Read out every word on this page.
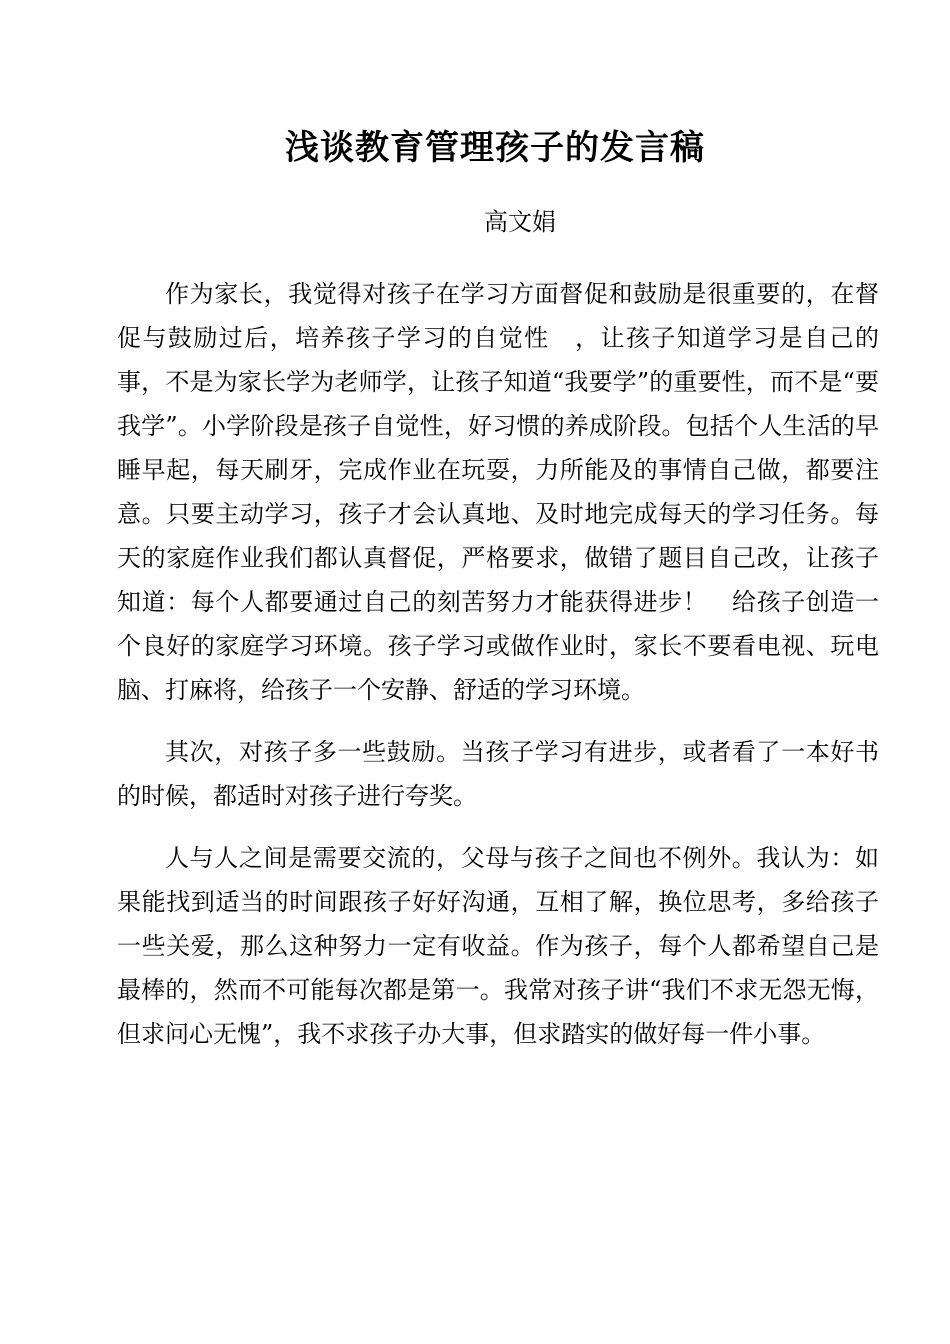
浅谈教育管理孩子的发言稿

高文娟

作为家长，我觉得对孩子在学习方面督促和鼓励是很重要的，在督促与鼓励过后，培养孩子学习的自觉性　，让孩子知道学习是自己的事，不是为家长学为老师学，让孩子知道“我要学”的重要性，而不是“要我学”。小学阶段是孩子自觉性，好习惯的养成阶段。包括个人生活的早睡早起，每天刷牙，完成作业在玩耍，力所能及的事情自己做，都要注意。只要主动学习，孩子才会认真地、及时地完成每天的学习任务。每天的家庭作业我们都认真督促，严格要求，做错了题目自己改，让孩子知道：每个人都要通过自己的刻苦努力才能获得进步！　给孩子创造一个良好的家庭学习环境。孩子学习或做作业时，家长不要看电视、玩电脑、打麻将，给孩子一个安静、舒适的学习环境。

其次，对孩子多一些鼓励。当孩子学习有进步，或者看了一本好书的时候，都适时对孩子进行夸奖。

人与人之间是需要交流的，父母与孩子之间也不例外。我认为：如果能找到适当的时间跟孩子好好沟通，互相了解，换位思考，多给孩子一些关爱，那么这种努力一定有收益。作为孩子，每个人都希望自己是最棒的，然而不可能每次都是第一。我常对孩子讲“我们不求无怨无悔，但求问心无愧”，我不求孩子办大事，但求踏实的做好每一件小事。
